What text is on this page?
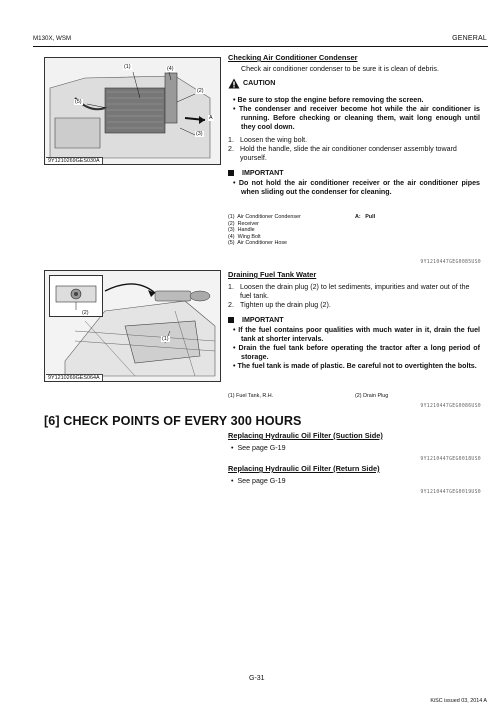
M130X, WSM	GENERAL
(1)	(4)
(2)
(5)
A
(3)
9Y1210269GES030A
Checking Air Conditioner Condenser
Check air conditioner condenser to be sure it is clean of debris.
CAUTION
• Be sure to stop the engine before removing the screen.
• The condenser and receiver become hot while the air conditioner is running. Before checking or cleaning them, wait long enough until they cool down.
1. Loosen the wing bolt.
2. Hold the handle, slide the air conditioner condenser assembly toward yourself.
IMPORTANT
• Do not hold the air conditioner receiver or the air conditioner pipes when sliding out the condenser for cleaning.
(1) Air Conditioner Condenser
(2) Receiver
(3) Handle
(4) Wing Bolt
(5) Air Conditioner Hose
A: Pull
9Y1210447GEG0085US0
(2)
(1)
9Y1210269GES064A
Draining Fuel Tank Water
1. Loosen the drain plug (2) to let sediments, impurities and water out of the fuel tank.
2. Tighten up the drain plug (2).
IMPORTANT
• If the fuel contains poor qualities with much water in it, drain the fuel tank at shorter intervals.
• Drain the fuel tank before operating the tractor after a long period of storage.
• The fuel tank is made of plastic. Be careful not to overtighten the bolts.
(1) Fuel Tank, R.H.	(2) Drain Plug
9Y1210447GEG0086US0
[6] CHECK POINTS OF EVERY 300 HOURS
Replacing Hydraulic Oil Filter (Suction Side)
•  See page G-19
9Y1210447GEG0018US0
Replacing Hydraulic Oil Filter (Return Side)
•  See page G-19
9Y1210447GEG0019US0
G-31
KiSC issued 03, 2014 A
